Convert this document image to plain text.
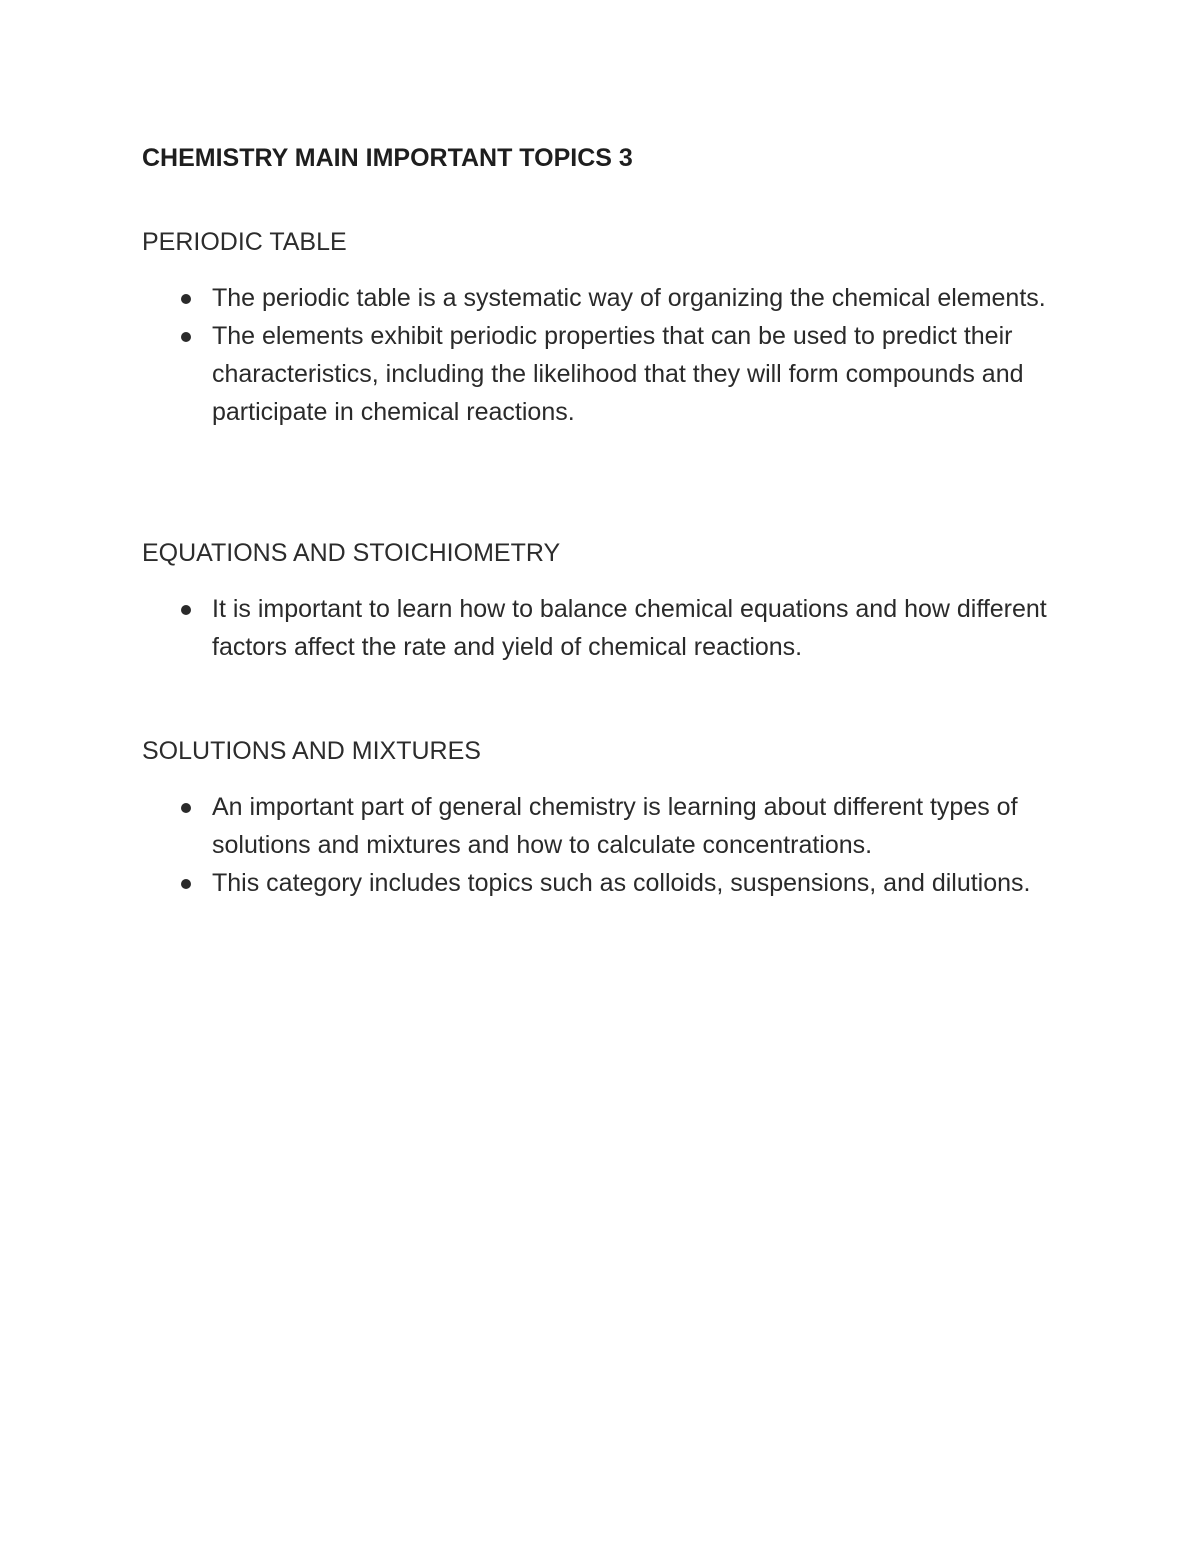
CHEMISTRY MAIN IMPORTANT TOPICS 3
PERIODIC TABLE
The periodic table is a systematic way of organizing the chemical elements.
The elements exhibit periodic properties that can be used to predict their characteristics, including the likelihood that they will form compounds and participate in chemical reactions.
EQUATIONS AND STOICHIOMETRY
It is important to learn how to balance chemical equations and how different factors affect the rate and yield of chemical reactions.
SOLUTIONS AND MIXTURES
An important part of general chemistry is learning about different types of solutions and mixtures and how to calculate concentrations.
This category includes topics such as colloids, suspensions, and dilutions.
